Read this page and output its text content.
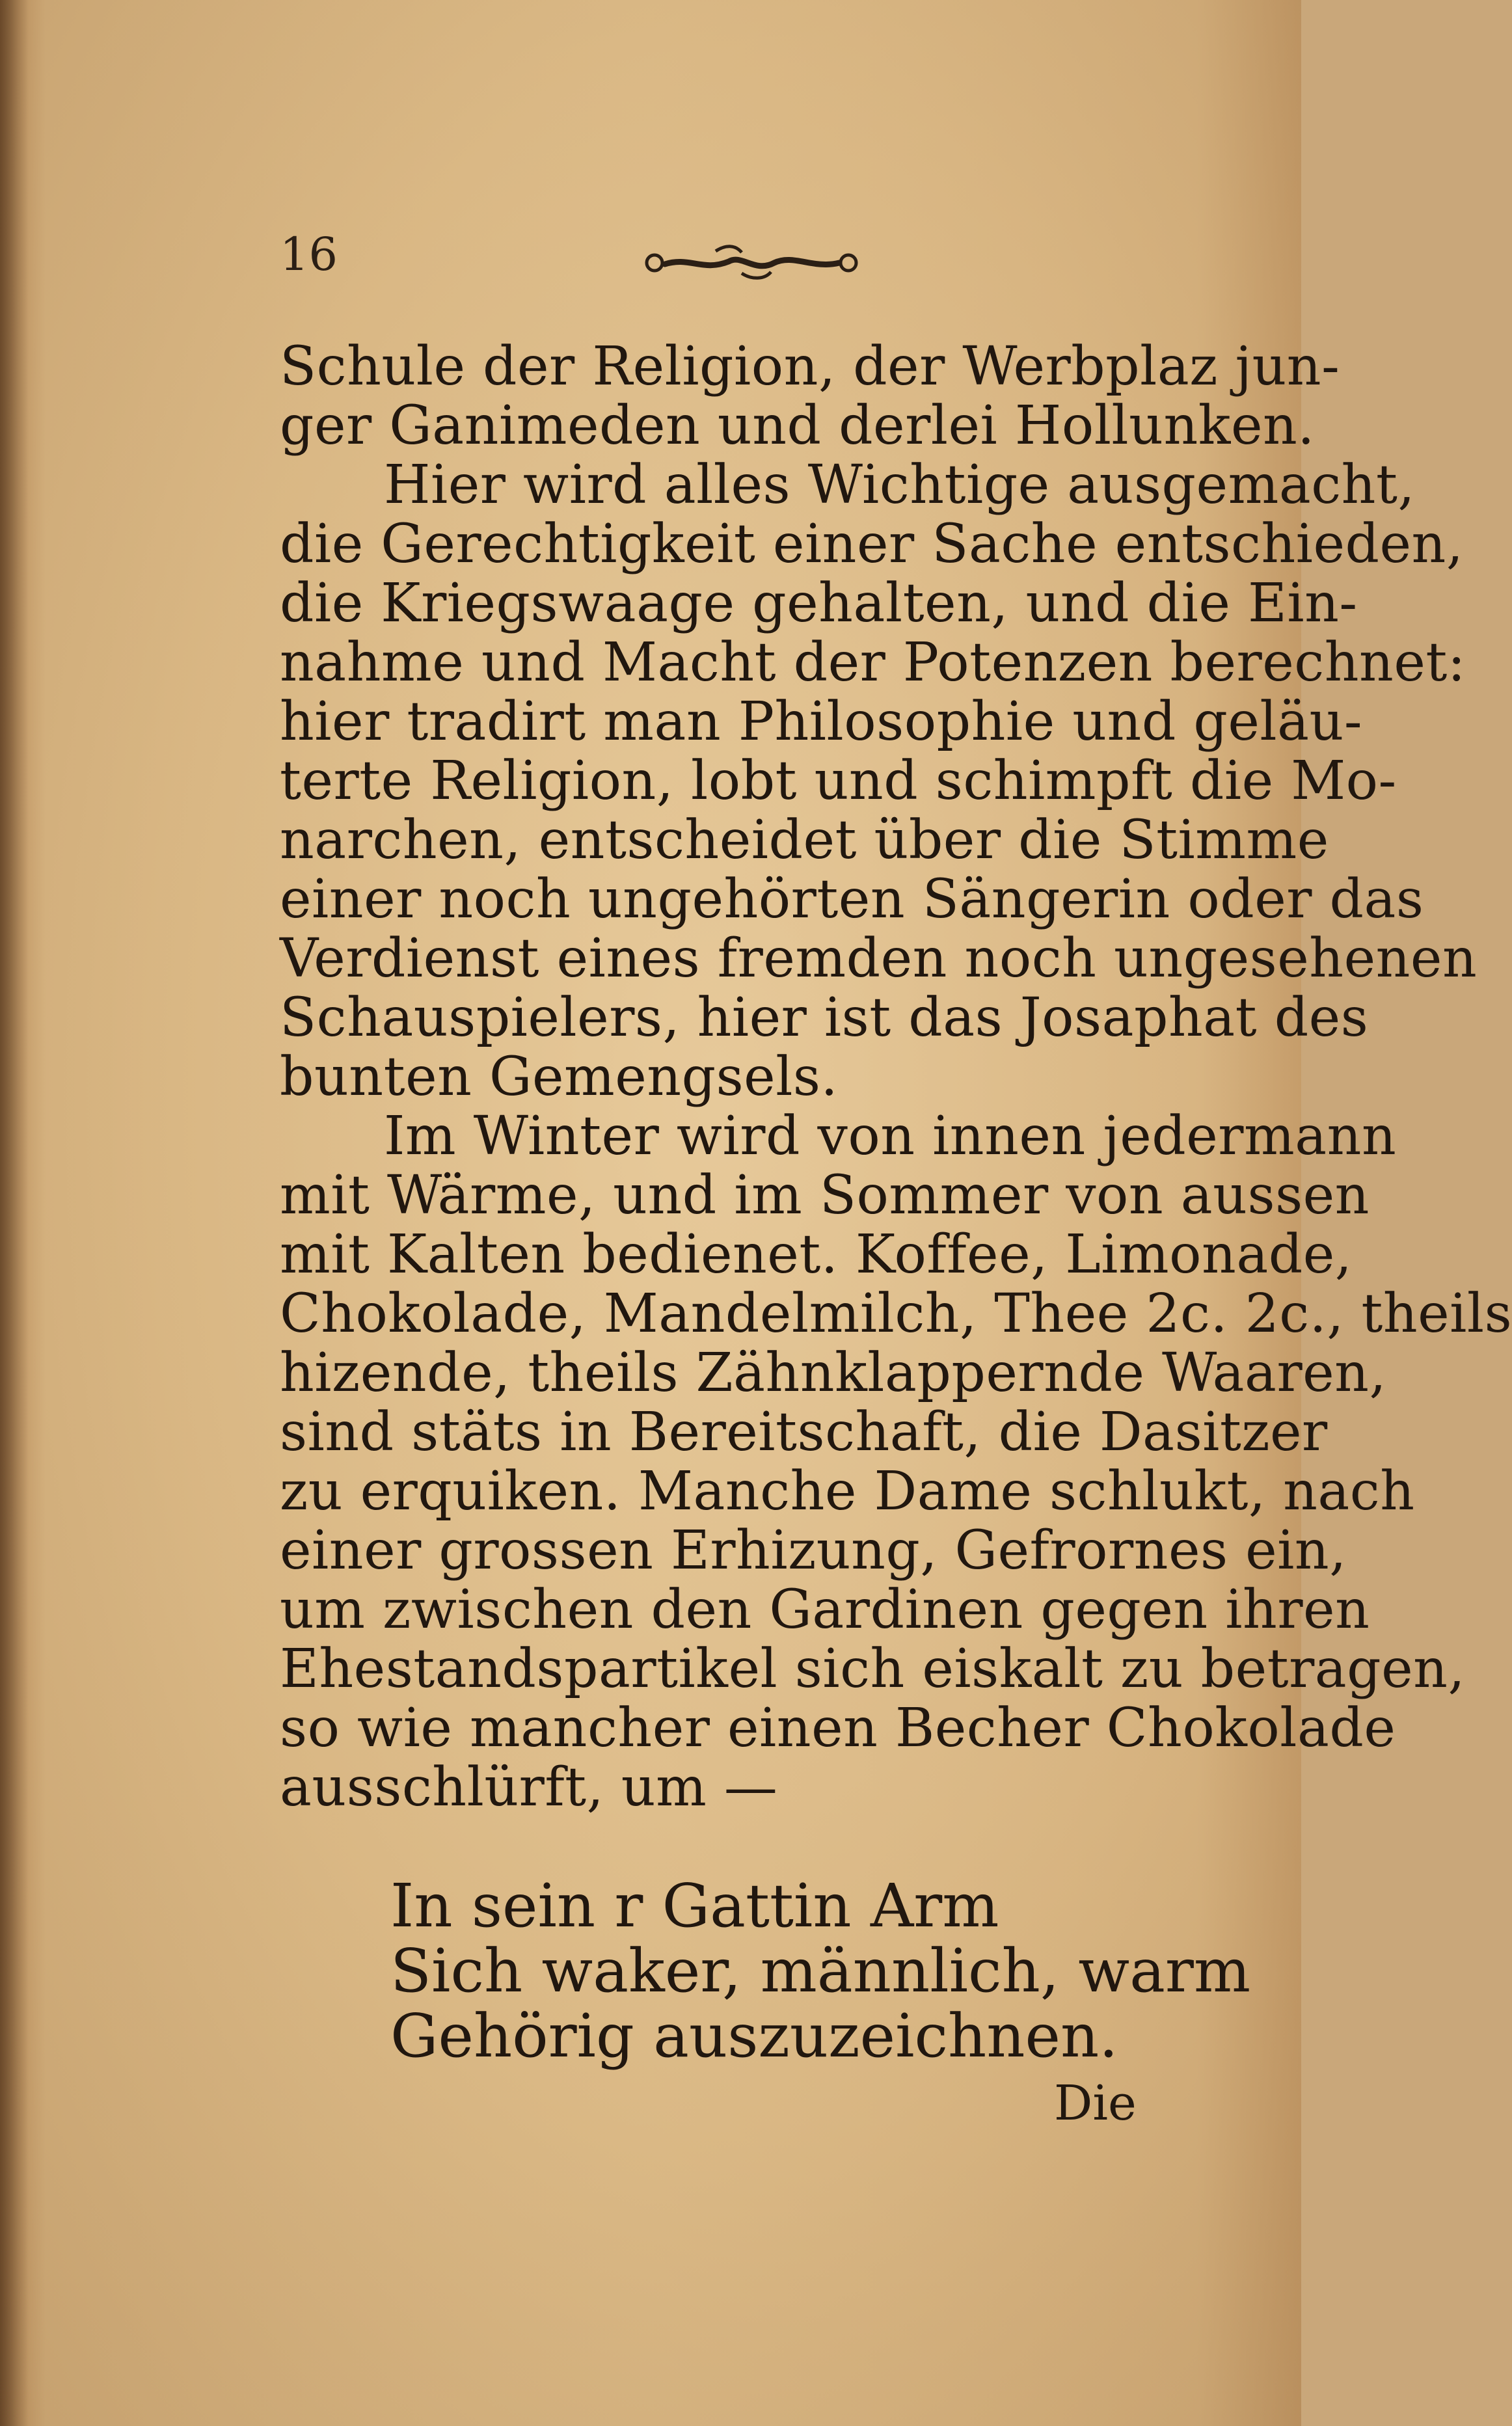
16
Schule der Religion, der Werbplaz jun-
ger Ganimeden und derlei Hollunken.
Hier wird alles Wichtige ausgemacht,
die Gerechtigkeit einer Sache entschieden,
die Kriegswaage gehalten, und die Ein-
nahme und Macht der Potenzen berechnet:
hier tradirt man Philosophie und geläu-
terte Religion, lobt und schimpft die Mo-
narchen, entscheidet über die Stimme
einer noch ungehörten Sängerin oder das
Verdienst eines fremden noch ungesehenen
Schauspielers, hier ist das Josaphat des
bunten Gemengsels.
Im Winter wird von innen jedermann
mit Wärme, und im Sommer von aussen
mit Kalten bedienet. Koffee, Limonade,
Chokolade, Mandelmilch, Thee 2c. 2c., theils
hizende, theils Zähnklappernde Waaren,
sind stäts in Bereitschaft, die Dasitzer
zu erquiken. Manche Dame schlukt, nach
einer grossen Erhizung, Gefrornes ein,
um zwischen den Gardinen gegen ihren
Ehestandspartikel sich eiskalt zu betragen,
so wie mancher einen Becher Chokolade
ausschlürft, um —
In sein r Gattin Arm
Sich waker, männlich, warm
Gehörig auszuzeichnen.
Die
